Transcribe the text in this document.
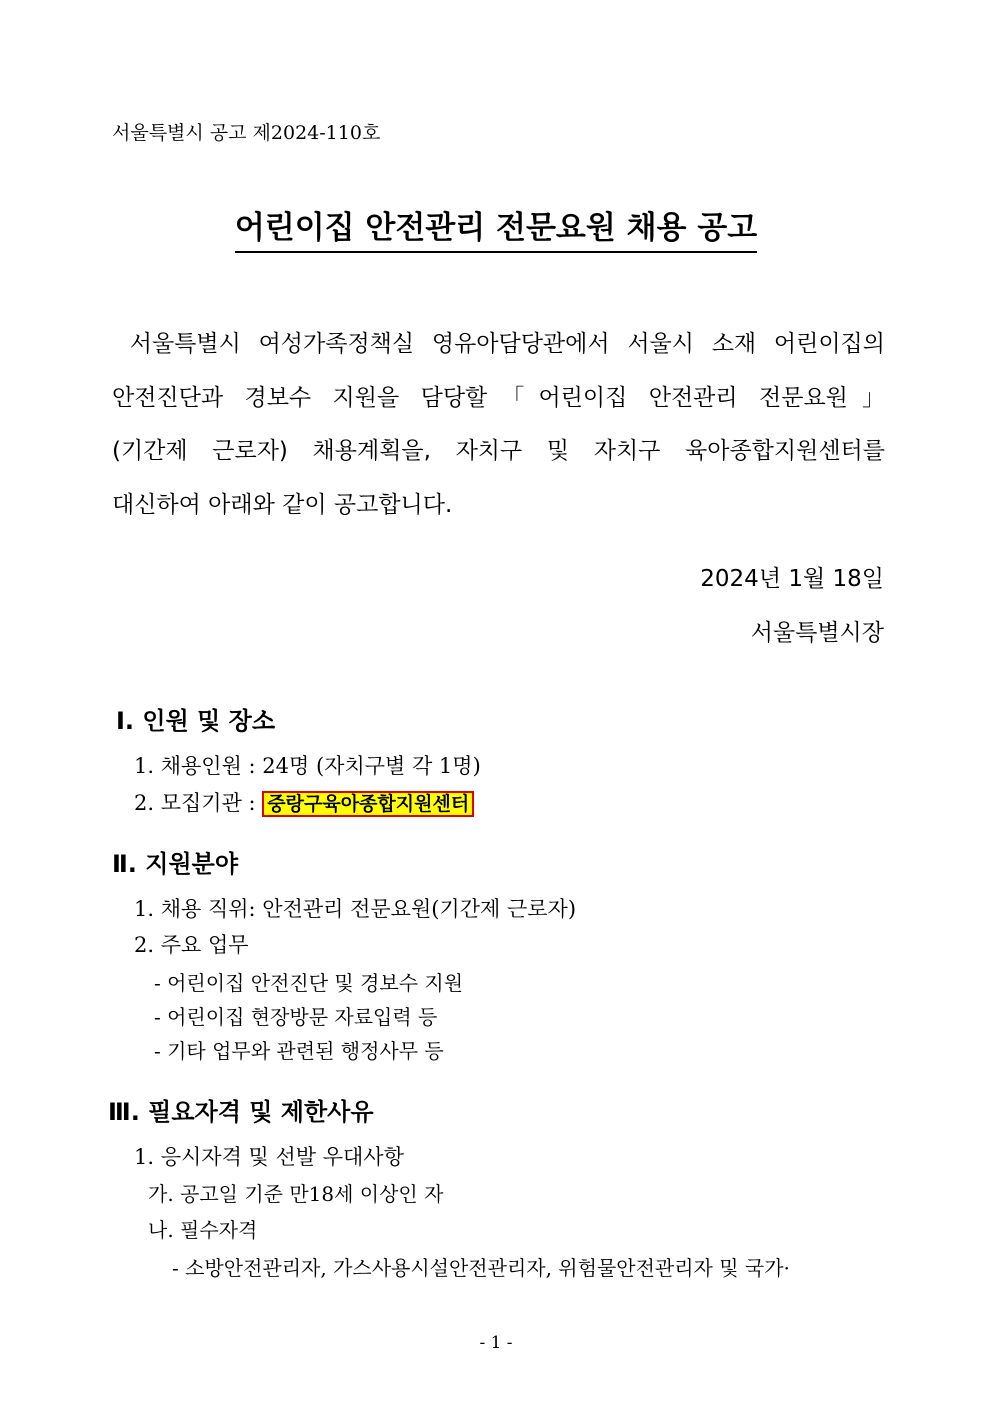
서울특별시 공고 제2024-110호
어린이집 안전관리 전문요원 채용 공고
서울특별시 여성가족정책실 영유아담당관에서 서울시 소재 어린이집의
안전진단과 경보수 지원을 담당할「어린이집 안전관리 전문요원」
(기간제 근로자) 채용계획을, 자치구 및 자치구 육아종합지원센터를
대신하여 아래와 같이 공고합니다.
2024년 1월 18일
서울특별시장
Ⅰ. 인원 및 장소
1. 채용인원 : 24명 (자치구별 각 1명)
2. 모집기관 : 중랑구육아종합지원센터
Ⅱ. 지원분야
1. 채용 직위: 안전관리 전문요원(기간제 근로자)
2. 주요 업무
- 어린이집 안전진단 및 경보수 지원
- 어린이집 현장방문 자료입력 등
- 기타 업무와 관련된 행정사무 등
Ⅲ. 필요자격 및 제한사유
1. 응시자격 및 선발 우대사항
가. 공고일 기준 만18세 이상인 자
나. 필수자격
- 소방안전관리자, 가스사용시설안전관리자, 위험물안전관리자 및 국가·
- 1 -
